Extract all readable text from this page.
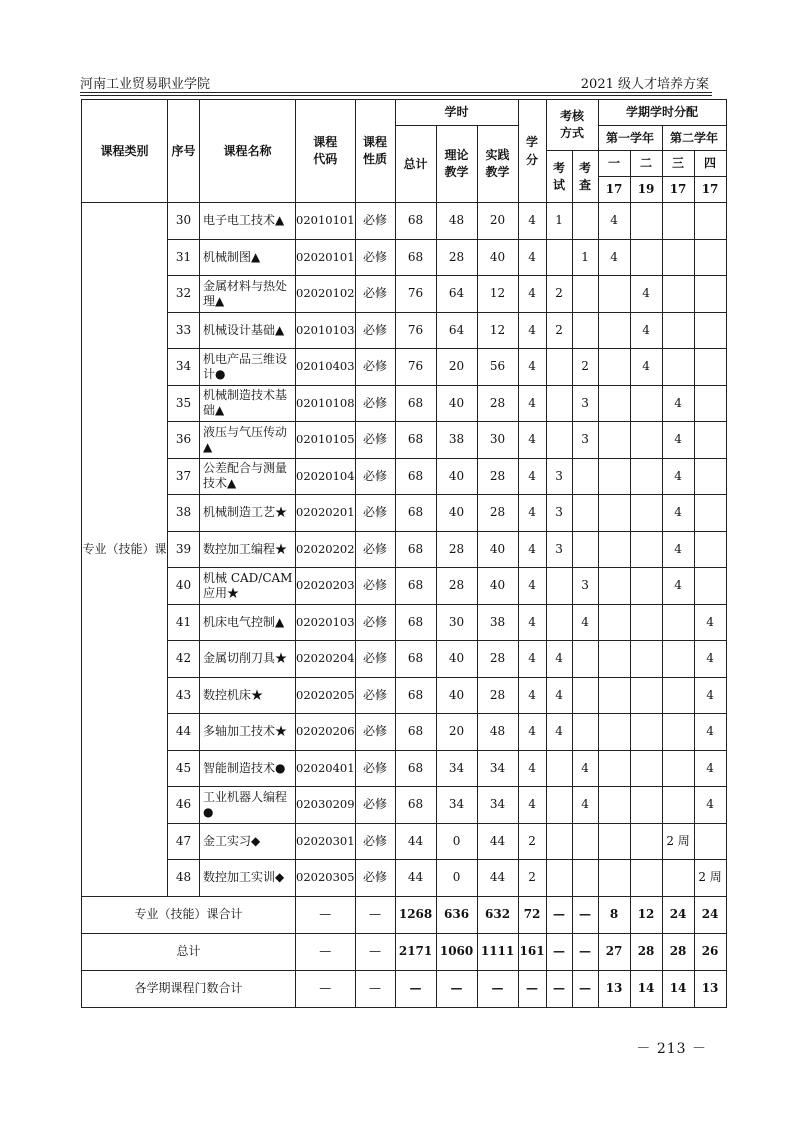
河南工业贸易职业学院	2021 级人才培养方案
课程类别	序号	课程名称	课程代码	课程性质	学时			学分	考核方式		学期学时分配			
					总计	理论教学	实践教学				第一学年		第二学年	
									考试	考查	一	二	三	四
											17	19	17	17
专业（技能）课	30	电子电工技术▲	02010101	必修	68	48	20	4	1		4			
	31	机械制图▲	02020101	必修	68	28	40	4		1	4			
	32	金属材料与热处理▲	02020102	必修	76	64	12	4	2			4		
	33	机械设计基础▲	02010103	必修	76	64	12	4	2			4		
	34	机电产品三维设计●	02010403	必修	76	20	56	4		2		4		
	35	机械制造技术基础▲	02010108	必修	68	40	28	4		3			4	
	36	液压与气压传动▲	02010105	必修	68	38	30	4		3			4	
	37	公差配合与测量技术▲	02020104	必修	68	40	28	4	3				4	
	38	机械制造工艺★	02020201	必修	68	40	28	4	3				4	
	39	数控加工编程★	02020202	必修	68	28	40	4	3				4	
	40	机械 CAD/CAM 应用★	02020203	必修	68	28	40	4		3			4	
	41	机床电气控制▲	02020103	必修	68	30	38	4		4				4
	42	金属切削刀具★	02020204	必修	68	40	28	4	4					4
	43	数控机床★	02020205	必修	68	40	28	4	4					4
	44	多轴加工技术★	02020206	必修	68	20	48	4	4					4
	45	智能制造技术●	02020401	必修	68	34	34	4		4				4
	46	工业机器人编程●	02030209	必修	68	34	34	4		4				4
	47	金工实习◆	02020301	必修	44	0	44	2					2 周	
	48	数控加工实训◆	02020305	必修	44	0	44	2						2 周
专业（技能）课合计			—	—	1268	636	632	72	—	—	8	12	24	24
总计			—	—	2171	1060	1111	161	—	—	27	28	28	26
各学期课程门数合计			—	—	—	—	—	—	—	—	13	14	14	13
－ 213 －
